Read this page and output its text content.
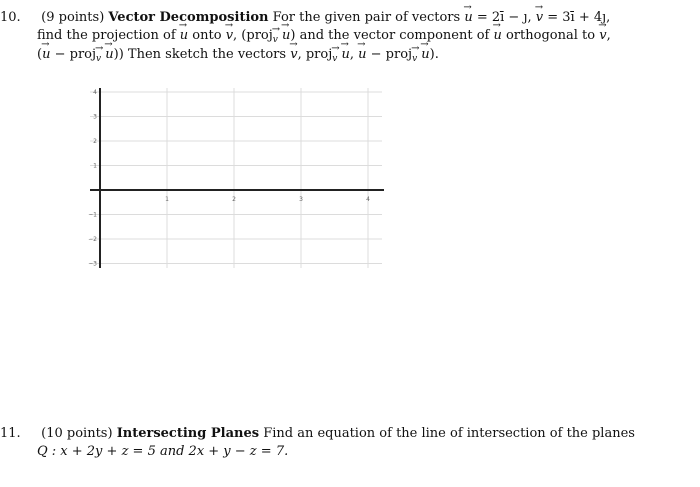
10. (9 points) Vector Decomposition For the given pair of vectors → u = 2ī − ȷ, → v = 3ī + 4ȷ,
find the projection of → u onto → v, (proj→ $_v$ → u) and the vector component of → u orthogonal to → v,
(→ u − proj→ $_v$ → u)) Then sketch the vectors → v, proj→ $_v$ → u, → u − proj→ $_v$ → u).
1	2	3	4
4
3
2
1
−1
−2
−3
11. (10 points) Intersecting Planes Find an equation of the line of intersection of the planes
Q : x + 2y + z = 5 and 2x + y − z = 7.
